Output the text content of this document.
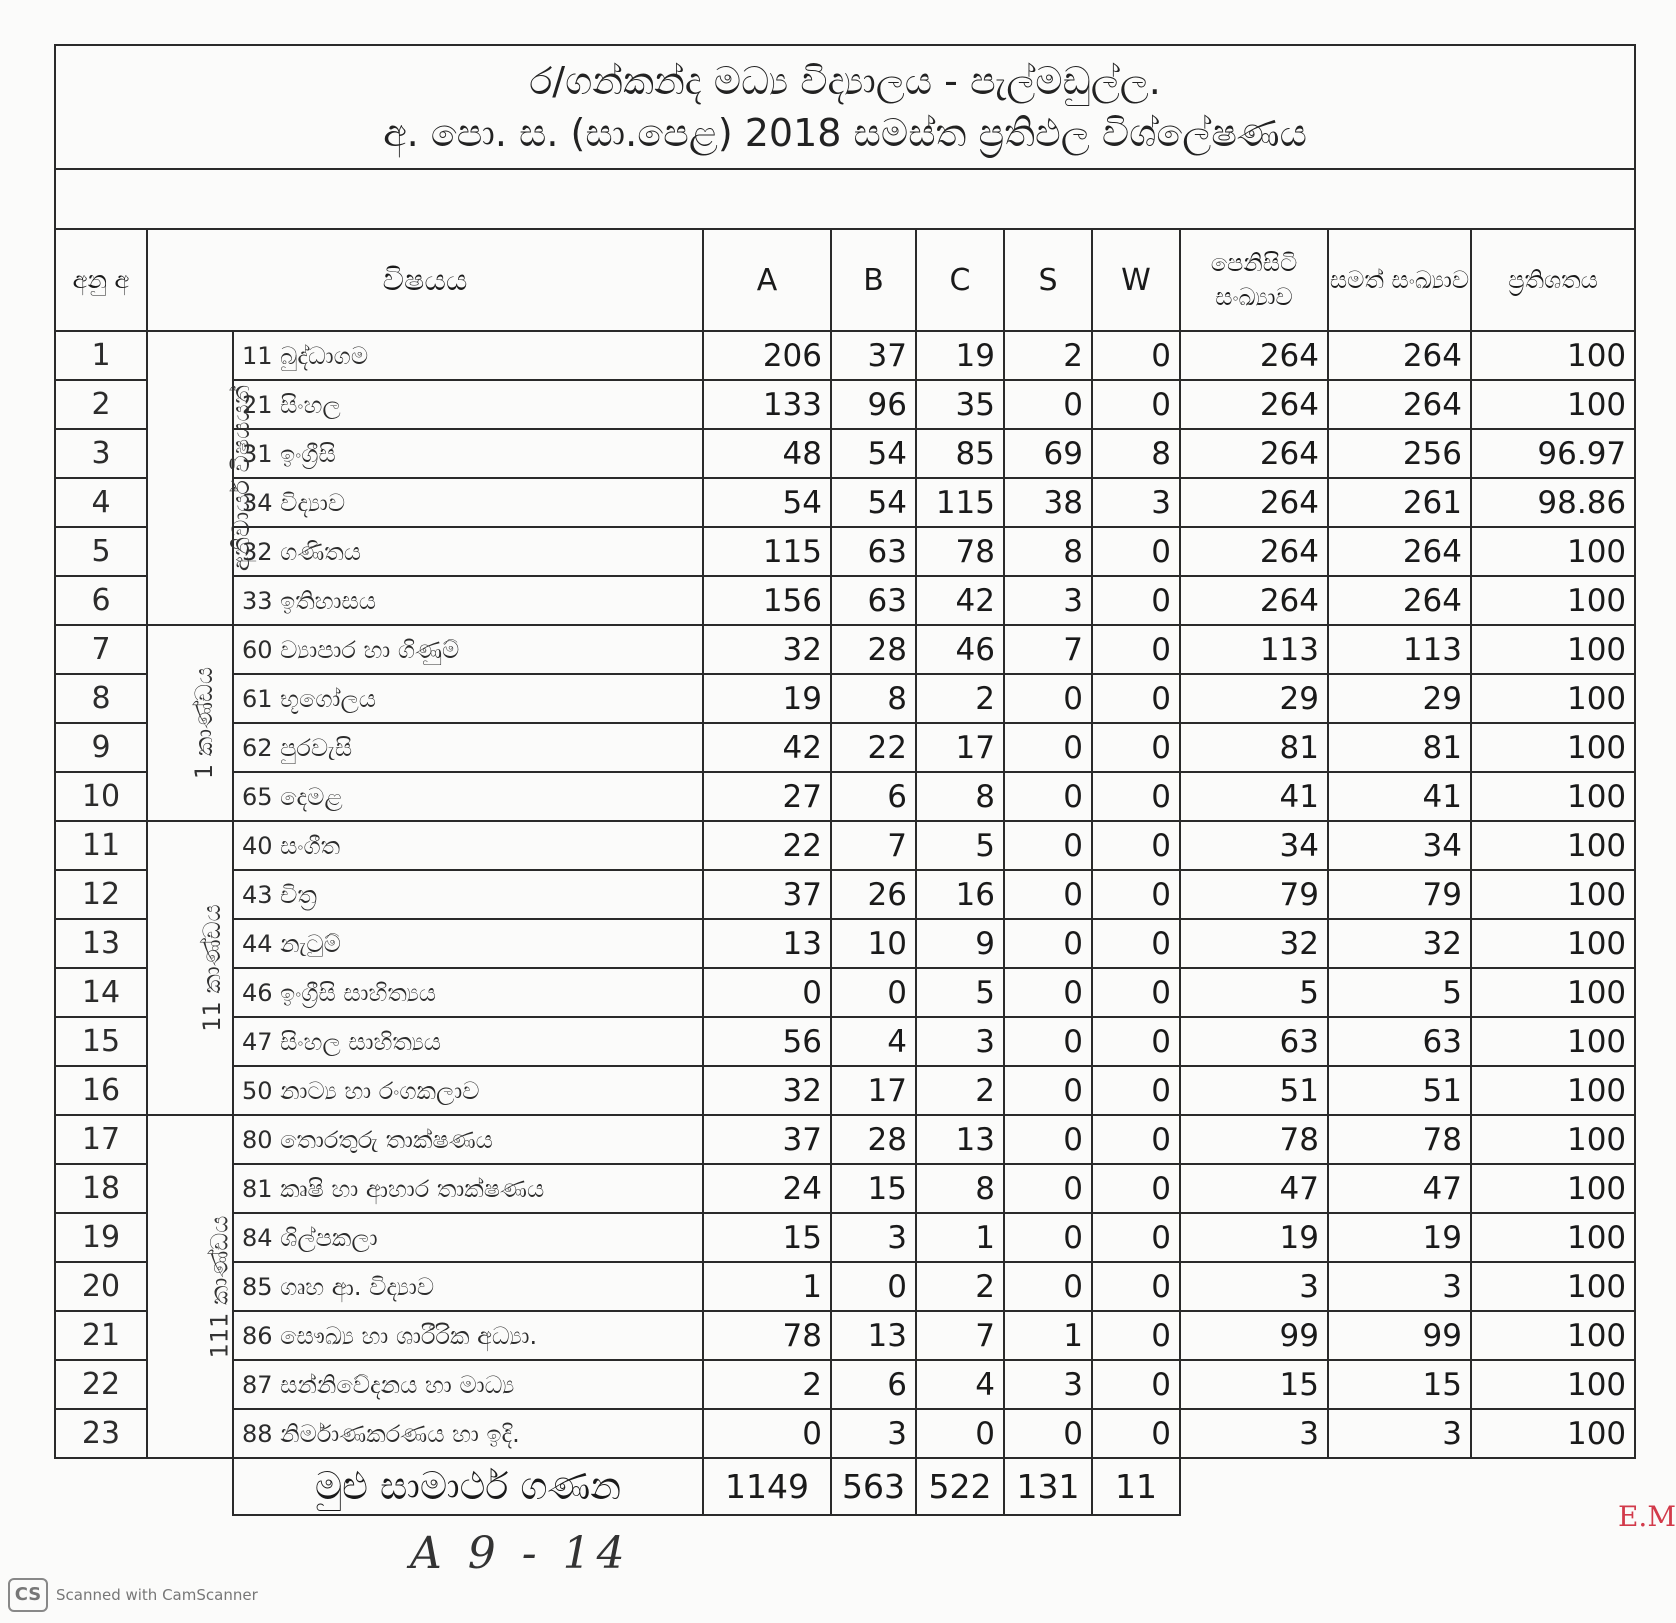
ර/ගන්කන්ද මධ්‍ය විද්‍යාලය - පැල්මඩුල්ල.
අ. පො. ස. (සා.පෙළ) 2018 සමස්ත ප්‍රතිඵල විශ්ලේෂණය										

අනු අ	විෂයය		A	B	C	S	W	පෙනිසිටි සංඛ්‍යාව	සමත් සංඛ්‍යාව	ප්‍රතිශතය
1	අනිවාර්ය විෂයයන්	11 බුද්ධාගම	206	37	19	2	0	264	264	100
2		21 සිංහල	133	96	35	0	0	264	264	100
3		31 ඉංග්‍රීසි	48	54	85	69	8	264	256	96.97
4		34 විද්‍යාව	54	54	115	38	3	264	261	98.86
5		32 ගණිතය	115	63	78	8	0	264	264	100
6		33 ඉතිහාසය	156	63	42	3	0	264	264	100
7	1 කාණ්ඩය	60 ව්‍යාපාර හා ගිණුම්	32	28	46	7	0	113	113	100
8		61 භූගෝලය	19	8	2	0	0	29	29	100
9		62 පුරවැසි	42	22	17	0	0	81	81	100
10		65 දෙමළ	27	6	8	0	0	41	41	100
11	11 කාණ්ඩය	40 සංගීත	22	7	5	0	0	34	34	100
12		43 චිත්‍ර	37	26	16	0	0	79	79	100
13		44 නැටුම්	13	10	9	0	0	32	32	100
14		46 ඉංග්‍රීසි සාහිත්‍යය	0	0	5	0	0	5	5	100
15		47 සිංහල සාහිත්‍යය	56	4	3	0	0	63	63	100
16		50 නාට්‍ය හා රංගකලාව	32	17	2	0	0	51	51	100
17	111 කාණ්ඩය	80 තොරතුරු තාක්ෂණය	37	28	13	0	0	78	78	100
18		81 කෘෂි හා ආහාර තාක්ෂණය	24	15	8	0	0	47	47	100
19		84 ශිල්පකලා	15	3	1	0	0	19	19	100
20		85 ගෘහ ආ. විද්‍යාව	1	0	2	0	0	3	3	100
21		86 සෞඛ්‍ය හා ශාරීරික අධ්‍යා.	78	13	7	1	0	99	99	100
22		87 සන්නිවේදනය හා මාධ්‍ය	2	6	4	3	0	15	15	100
23		88 නිර්මාණකරණය හා ඉදි.	0	3	0	0	0	3	3	100
		මුළු සාමාර්ථ ගණන	1149	563	522	131	11			
A 9 - 14
E.M
CS Scanned with CamScanner
